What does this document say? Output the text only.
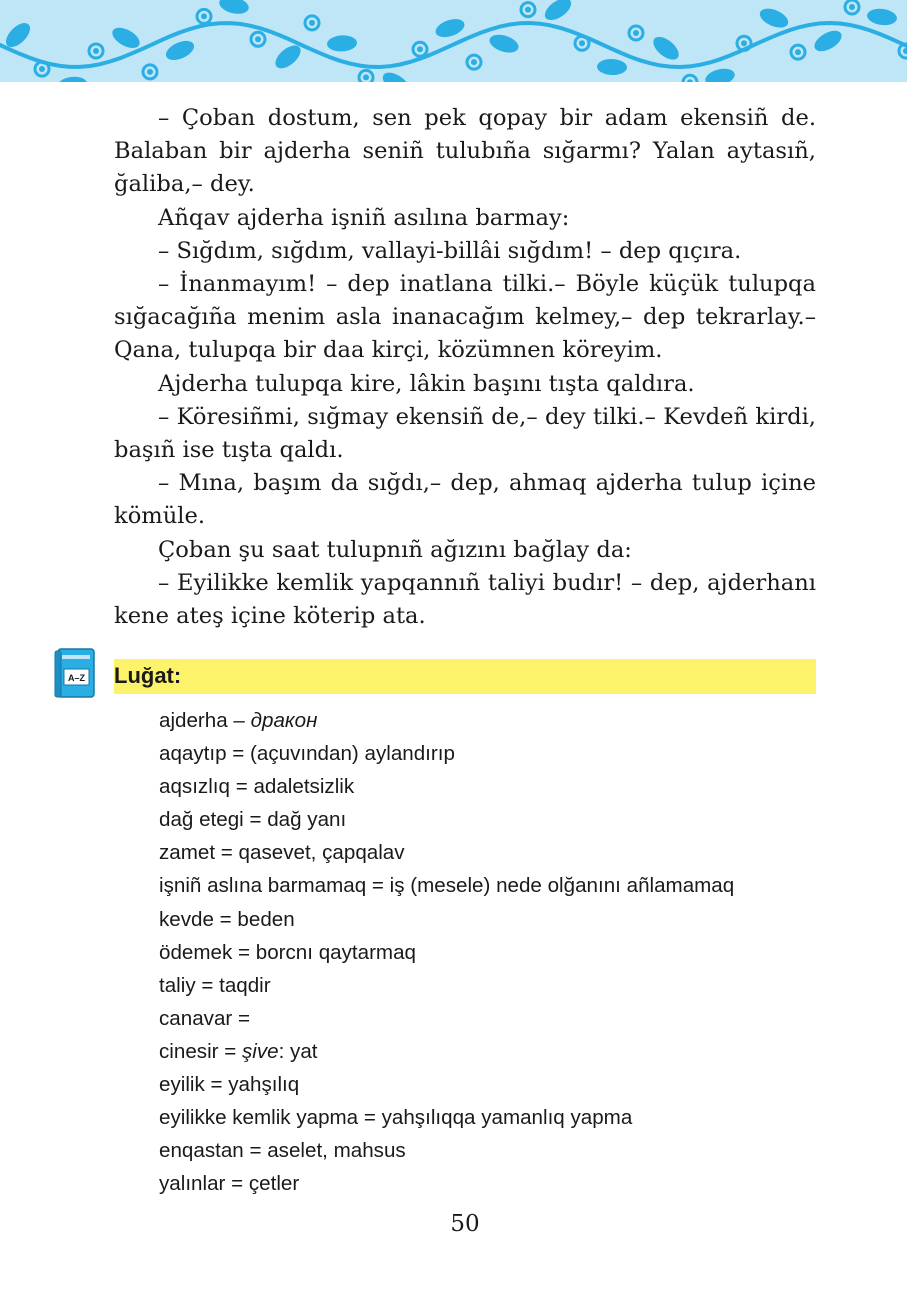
– Çoban dostum, sen pek qopay bir adam ekensiñ de. Balaban bir ajderha seniñ tulubıña sığarmı? Yalan aytasıñ, ğaliba,– dey.

Añqav ajderha işniñ asılına barmay:

– Sığdım, sığdım, vallayi-billâi sığdım! – dep qıçıra.

– İnanmayım! – dep inatlana tilki.– Böyle küçük tulupqa sığacağıña menim asla inanacağım kelmey,– dep tekrarlay.– Qana, tulupqa bir daa kirçi, közümnen köreyim.

Ajderha tulupqa kire, lâkin başını tışta qaldıra.

– Köresiñmi, sığmay ekensiñ de,– dey tilki.– Kevdeñ kirdi, başıñ ise tışta qaldı.

– Mına, başım da sığdı,– dep, ahmaq ajderha tulup içine kömüle.

Çoban şu saat tulupnıñ ağızını bağlay da:

– Eyilikke kemlik yapqannıñ taliyi budır! – dep, ajderhanı kene ateş içine köterip ata.

A–Z Luğat:
ajderha – дракон
aqaytıp = (açuvından) aylandırıp
aqsızlıq = adaletsizlik
dağ etegi = dağ yanı
zamet = qasevet, çapqalav
işniñ aslına barmamaq = iş (mesele) nede olğanını añlamamaq
kevde = beden
ödemek = borcnı qaytarmaq
taliy = taqdir
canavar =
cinesir = şive: yat
eyilik = yahşılıq
eyilikke kemlik yapma = yahşılıqqa yamanlıq yapma
enqastan = aselet, mahsus
yalınlar = çetler
50
